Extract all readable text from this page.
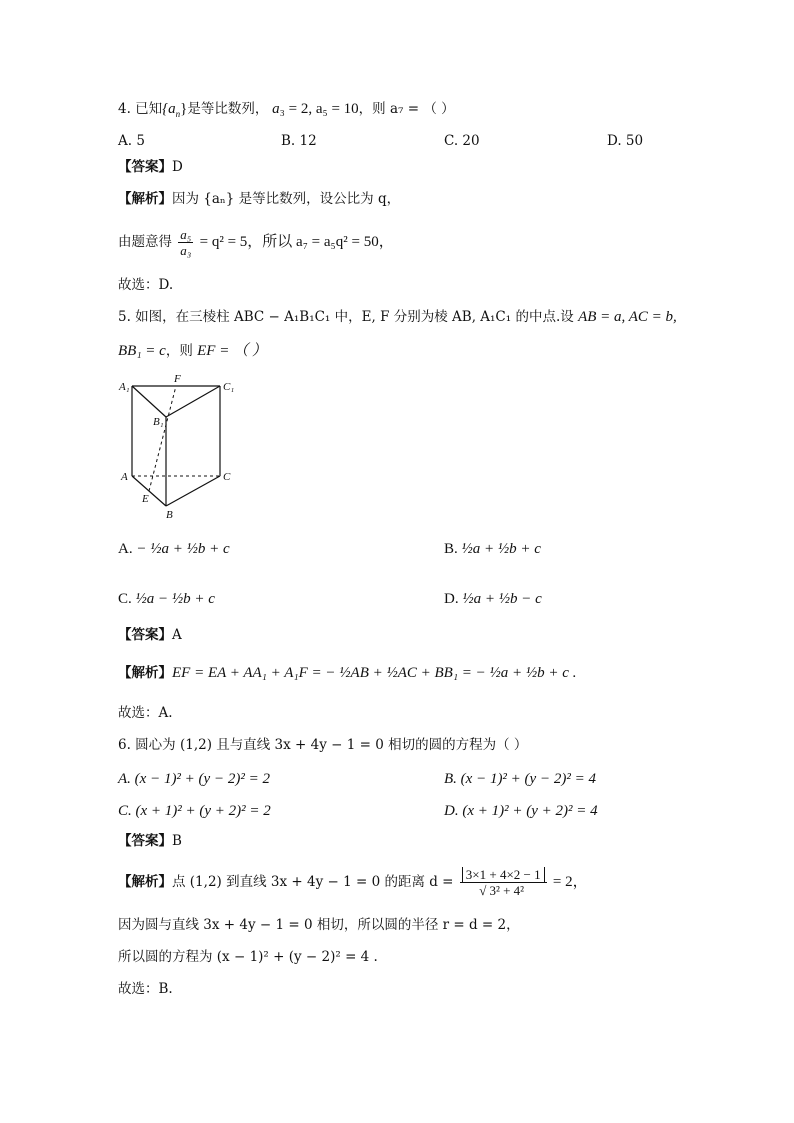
4. 已知$\{a_n\}$是等比数列， a₃ = 2, a₅ = 10，则 a₇ = （ ）
A. 5	B. 12	C. 20	D. 50
【答案】D
【解析】因为 {aₙ} 是等比数列，设公比为 q，
由题意得 $\frac{\text{a₅}}{\text{a₃}} = q^2 = 5$，所以 a₇ = a₅q² = 50，
故选：D.
5. 如图，在三棱柱 ABC − A₁B₁C₁ 中，E, F 分别为棱 AB, A₁C₁ 的中点.设 AB = a, AC = b,
BB₁ = c，则 EF = （ ）
A₁
F
C₁
B₁
A	C
E
B
A. − ½a + ½b + c	B. ½a + ½b + c
C. ½a − ½b + c	D. ½a + ½b − c
【答案】A
【解析】EF = EA + AA₁ + A₁F = − ½AB + ½AC + BB₁ = − ½a + ½b + c .
故选：A.
6. 圆心为 (1,2) 且与直线 3x + 4y − 1 = 0 相切的圆的方程为（ ）
A. (x − 1)² + (y − 2)² = 2	B. (x − 1)² + (y − 2)² = 4
C. (x + 1)² + (y + 2)² = 2	D. (x + 1)² + (y + 2)² = 4
【答案】B
【解析】点 (1,2) 到直线 3x + 4y − 1 = 0 的距离 $d = \frac{3\times 1 + 4\times 2 - 1}{\text{√ 3² + 4²}} = 2$，
因为圆与直线 3x + 4y − 1 = 0 相切，所以圆的半径 r = d = 2，
所以圆的方程为 (x − 1)² + (y − 2)² = 4 .
故选：B.
